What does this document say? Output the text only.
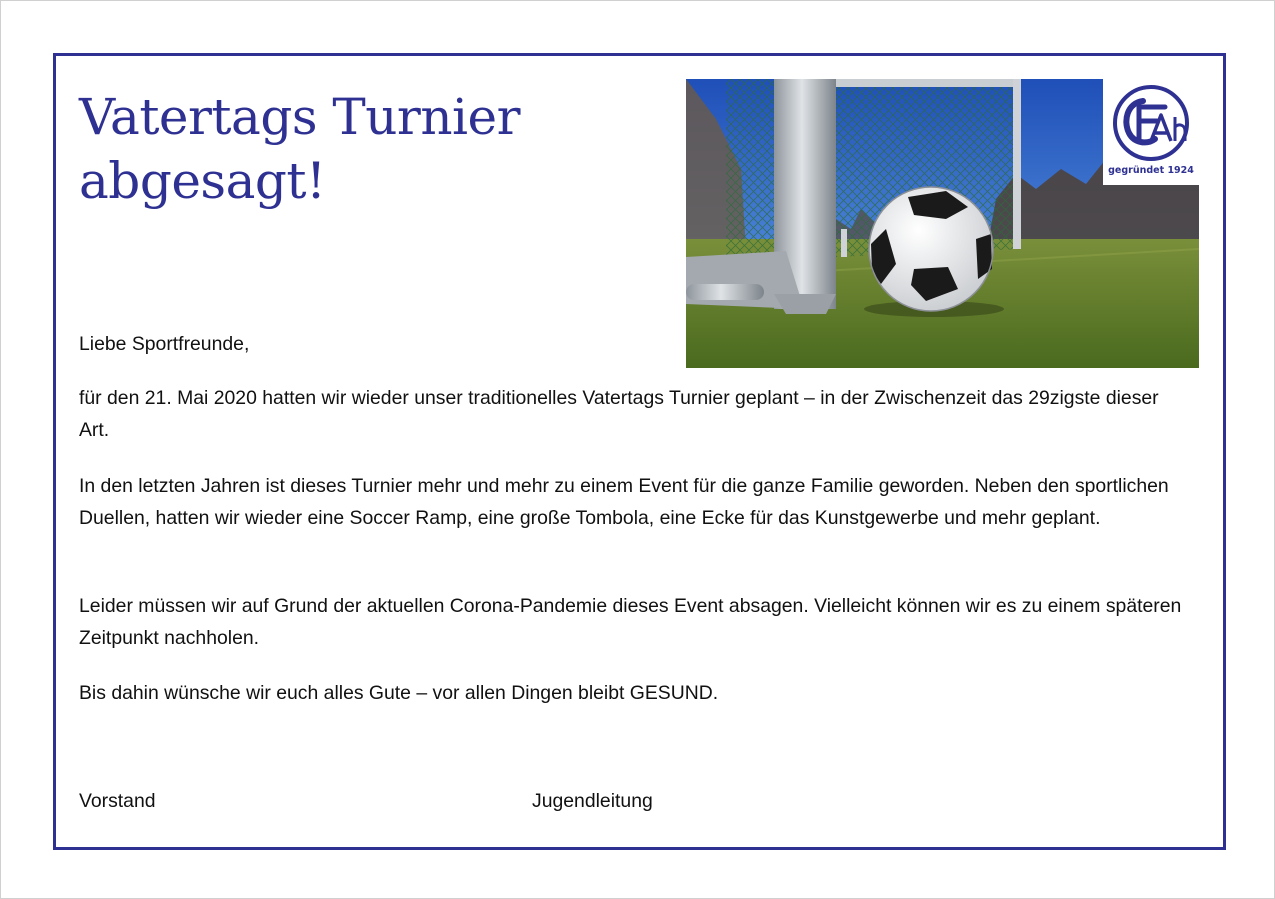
Vatertags Turnier
abgesagt!	gegründet 1924

Liebe Sportfreunde,

für den 21. Mai 2020 hatten wir wieder unser traditionelles Vatertags Turnier geplant – in der Zwischenzeit das 29zigste dieser Art.

In den letzten Jahren ist dieses Turnier mehr und mehr zu einem Event für die ganze Familie geworden. Neben den sportlichen Duellen, hatten wir wieder eine Soccer Ramp, eine große Tombola, eine Ecke für das Kunstgewerbe und mehr geplant.

Leider müssen wir auf Grund der aktuellen Corona-Pandemie dieses Event absagen. Vielleicht können wir es zu einem späteren Zeitpunkt nachholen.

Bis dahin wünsche wir euch alles Gute – vor allen Dingen bleibt GESUND.

Vorstand	Jugendleitung
